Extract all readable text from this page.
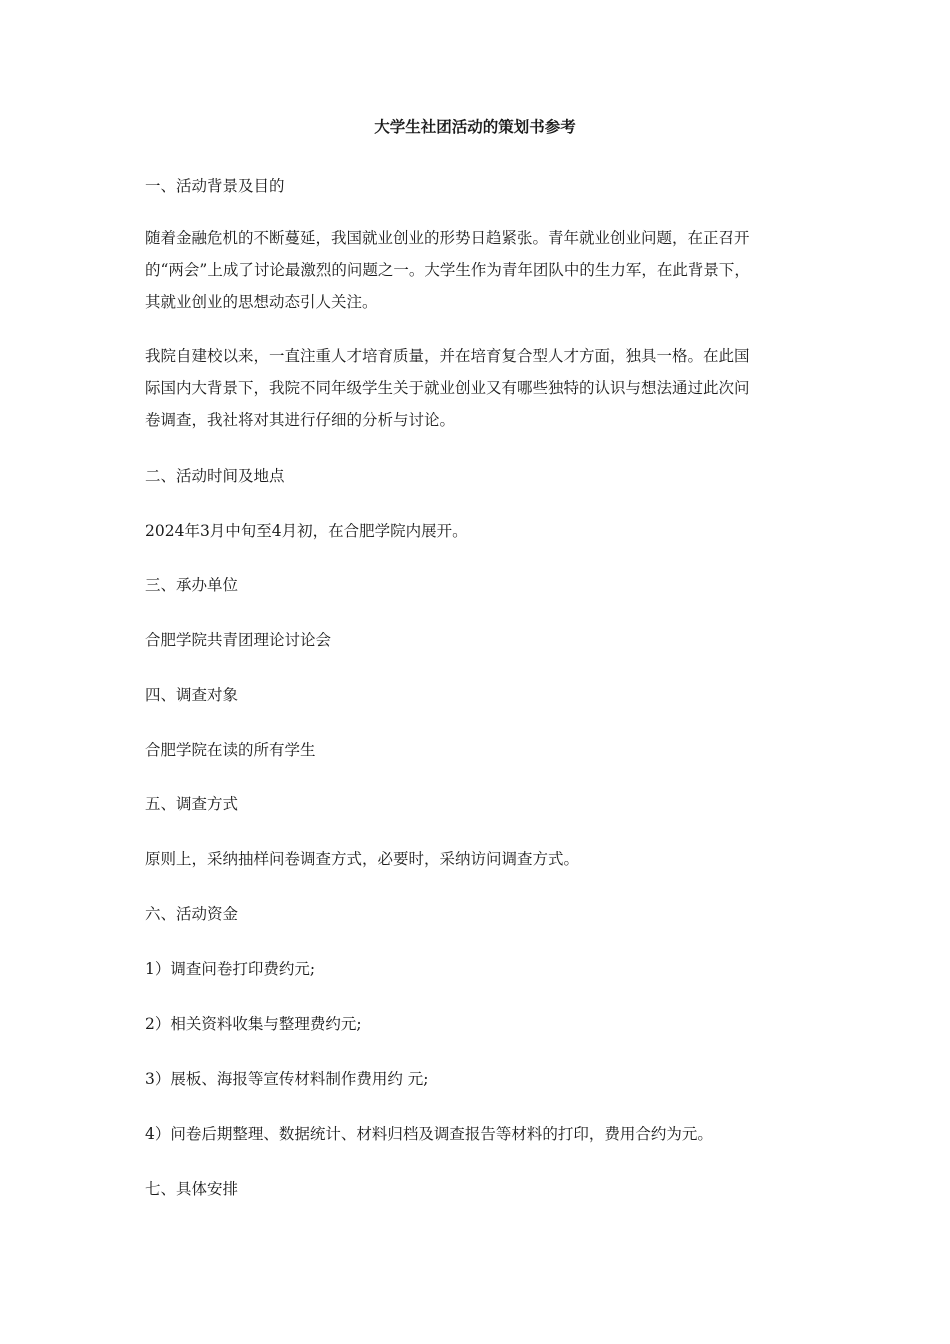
大学生社团活动的策划书参考

一、活动背景及目的

随着金融危机的不断蔓延，我国就业创业的形势日趋紧张。青年就业创业问题，在正召开
的“两会”上成了讨论最激烈的问题之一。大学生作为青年团队中的生力军，在此背景下，
其就业创业的思想动态引人关注。

我院自建校以来，一直注重人才培育质量，并在培育复合型人才方面，独具一格。在此国
际国内大背景下，我院不同年级学生关于就业创业又有哪些独特的认识与想法通过此次问
卷调查，我社将对其进行仔细的分析与讨论。

二、活动时间及地点

2024年3月中旬至4月初，在合肥学院内展开。

三、承办单位

合肥学院共青团理论讨论会

四、调查对象

合肥学院在读的所有学生

五、调查方式

原则上，采纳抽样问卷调查方式，必要时，采纳访问调查方式。

六、活动资金

1）调查问卷打印费约元;

2）相关资料收集与整理费约元;

3）展板、海报等宣传材料制作费用约 元;

4）问卷后期整理、数据统计、材料归档及调查报告等材料的打印，费用合约为元。

七、具体安排
